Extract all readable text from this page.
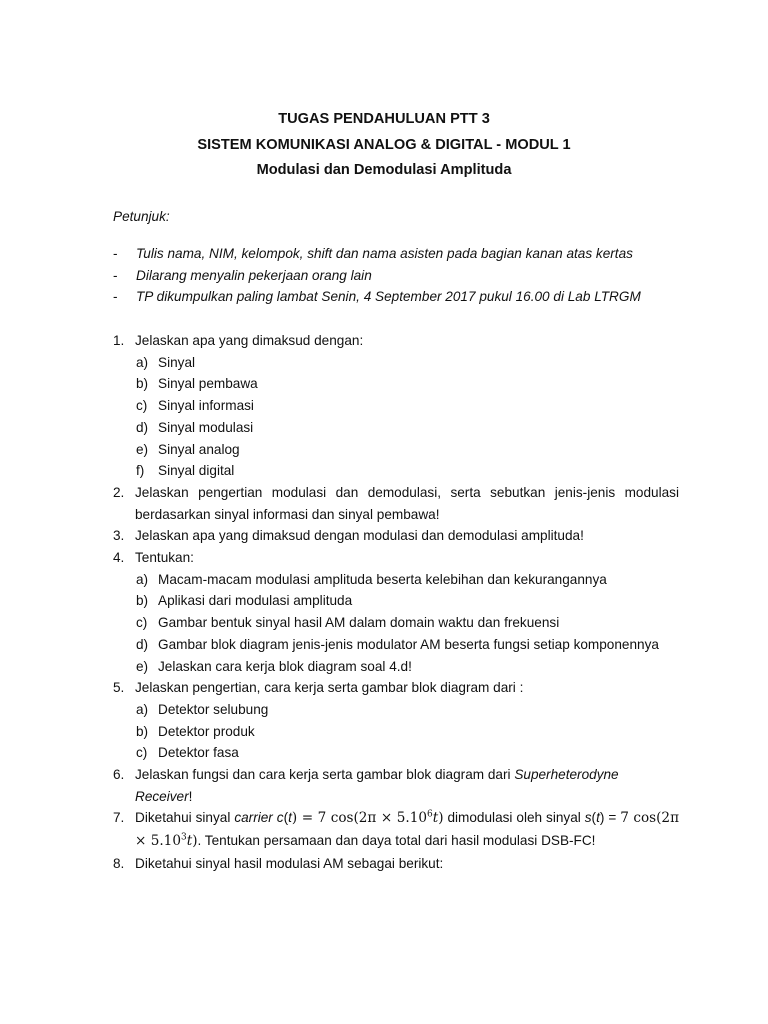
TUGAS PENDAHULUAN PTT 3
SISTEM KOMUNIKASI ANALOG & DIGITAL - MODUL 1
Modulasi dan Demodulasi Amplituda
Petunjuk:
-	Tulis nama, NIM, kelompok, shift dan nama asisten pada bagian kanan atas kertas
-	Dilarang menyalin pekerjaan orang lain
-	TP dikumpulkan paling lambat Senin, 4 September 2017 pukul 16.00 di Lab LTRGM
1. Jelaskan apa yang dimaksud dengan:
a) Sinyal
b) Sinyal pembawa
c) Sinyal informasi
d) Sinyal modulasi
e) Sinyal analog
f)	Sinyal digital
2. Jelaskan pengertian modulasi dan demodulasi, serta sebutkan jenis-jenis modulasi berdasarkan sinyal informasi dan sinyal pembawa!
3. Jelaskan apa yang dimaksud dengan modulasi dan demodulasi amplituda!
4. Tentukan:
a) Macam-macam modulasi amplituda beserta kelebihan dan kekurangannya
b) Aplikasi dari modulasi amplituda
c) Gambar bentuk sinyal hasil AM dalam domain waktu dan frekuensi
d) Gambar blok diagram jenis-jenis modulator AM beserta fungsi setiap komponennya
e) Jelaskan cara kerja blok diagram soal 4.d!
5. Jelaskan pengertian, cara kerja serta gambar blok diagram dari :
a) Detektor selubung
b) Detektor produk
c) Detektor fasa
6. Jelaskan fungsi dan cara kerja serta gambar blok diagram dari Superheterodyne Receiver!
7. Diketahui sinyal carrier c(t) = 7 $\cos(2\pi \times 5.10^6t)$ dimodulasi oleh sinyal s(t) = 7 $\cos(2\pi \times 5.10^3t)$. Tentukan persamaan dan daya total dari hasil modulasi DSB-FC!
8. Diketahui sinyal hasil modulasi AM sebagai berikut:
